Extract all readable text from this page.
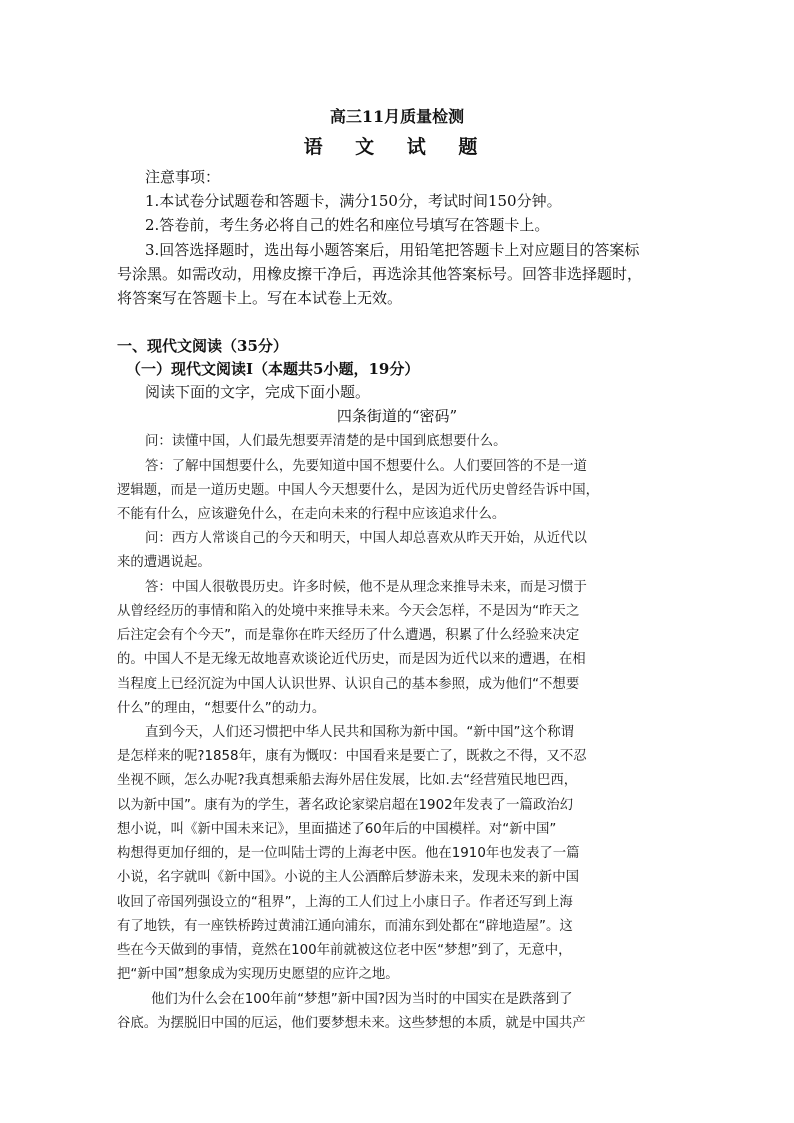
高三11月质量检测
语 文 试 题
注意事项：
1.本试卷分试题卷和答题卡，满分150分，考试时间150分钟。
2.答卷前，考生务必将自己的姓名和座位号填写在答题卡上。
3.回答选择题时，选出每小题答案后，用铅笔把答题卡上对应题目的答案标
号涂黑。如需改动，用橡皮擦干净后，再选涂其他答案标号。回答非选择题时，
将答案写在答题卡上。写在本试卷上无效。
一、现代文阅读（35分）
（一）现代文阅读Ⅰ（本题共5小题，19分）
阅读下面的文字，完成下面小题。
四条街道的“密码”
问：读懂中国，人们最先想要弄清楚的是中国到底想要什么。
答：了解中国想要什么，先要知道中国不想要什么。人们要回答的不是一道
逻辑题，而是一道历史题。中国人今天想要什么，是因为近代历史曾经告诉中国，
不能有什么，应该避免什么，在走向未来的行程中应该追求什么。
问：西方人常谈自己的今天和明天，中国人却总喜欢从昨天开始，从近代以
来的遭遇说起。
答：中国人很敬畏历史。许多时候，他不是从理念来推导未来，而是习惯于
从曾经经历的事情和陷入的处境中来推导未来。今天会怎样，不是因为“昨天之
后注定会有个今天”，而是靠你在昨天经历了什么遭遇，积累了什么经验来决定
的。中国人不是无缘无故地喜欢谈论近代历史，而是因为近代以来的遭遇，在相
当程度上已经沉淀为中国人认识世界、认识自己的基本参照，成为他们“不想要
什么”的理由，“想要什么”的动力。
直到今天，人们还习惯把中华人民共和国称为新中国。“新中国”这个称谓
是怎样来的呢?1858年，康有为慨叹：中国看来是要亡了，既救之不得，又不忍
坐视不顾，怎么办呢?我真想乘船去海外居住发展，比如.去“经营殖民地巴西，
以为新中国”。康有为的学生，著名政论家梁启超在1902年发表了一篇政治幻
想小说，叫《新中国未来记》，里面描述了60年后的中国模样。对“新中国”
构想得更加仔细的，是一位叫陆士谔的上海老中医。他在1910年也发表了一篇
小说，名字就叫《新中国》。小说的主人公酒醉后梦游未来，发现未来的新中国
收回了帝国列强设立的“租界”，上海的工人们过上小康日子。作者还写到上海
有了地铁，有一座铁桥跨过黄浦江通向浦东，而浦东到处都在“辟地造屋”。这
些在今天做到的事情，竟然在100年前就被这位老中医“梦想”到了，无意中，
把“新中国”想象成为实现历史愿望的应许之地。
他们为什么会在100年前“梦想”新中国?因为当时的中国实在是跌落到了
谷底。为摆脱旧中国的厄运，他们要梦想未来。这些梦想的本质，就是中国共产
